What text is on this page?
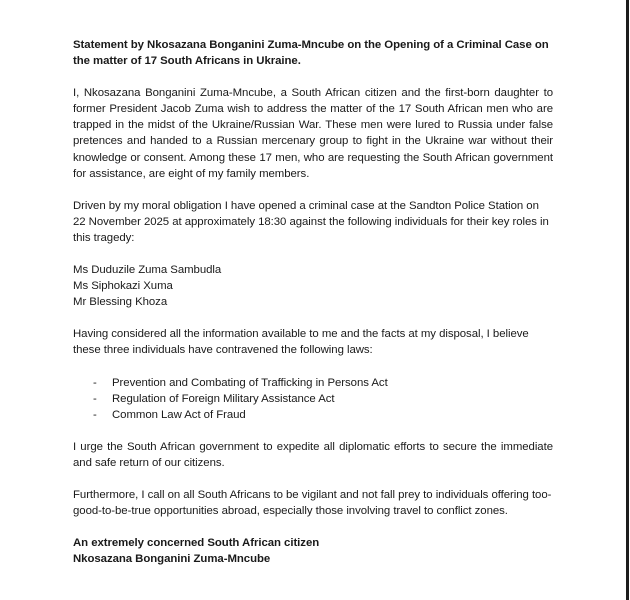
Statement by Nkosazana Bonganini Zuma-Mncube on the Opening of a Criminal Case on the matter of 17 South Africans in Ukraine.

I, Nkosazana Bonganini Zuma-Mncube, a South African citizen and the first-born daughter to former President Jacob Zuma wish to address the matter of the 17 South African men who are trapped in the midst of the Ukraine/Russian War. These men were lured to Russia under false pretences and handed to a Russian mercenary group to fight in the Ukraine war without their knowledge or consent. Among these 17 men, who are requesting the South African government for assistance, are eight of my family members.

Driven by my moral obligation I have opened a criminal case at the Sandton Police Station on 22 November 2025 at approximately 18:30 against the following individuals for their key roles in this tragedy:

Ms Duduzile Zuma Sambudla
Ms Siphokazi Xuma
Mr Blessing Khoza

Having considered all the information available to me and the facts at my disposal, I believe these three individuals have contravened the following laws:

- Prevention and Combating of Trafficking in Persons Act
- Regulation of Foreign Military Assistance Act
- Common Law Act of Fraud

I urge the South African government to expedite all diplomatic efforts to secure the immediate and safe return of our citizens.

Furthermore, I call on all South Africans to be vigilant and not fall prey to individuals offering too-good-to-be-true opportunities abroad, especially those involving travel to conflict zones.

An extremely concerned South African citizen
Nkosazana Bonganini Zuma-Mncube
